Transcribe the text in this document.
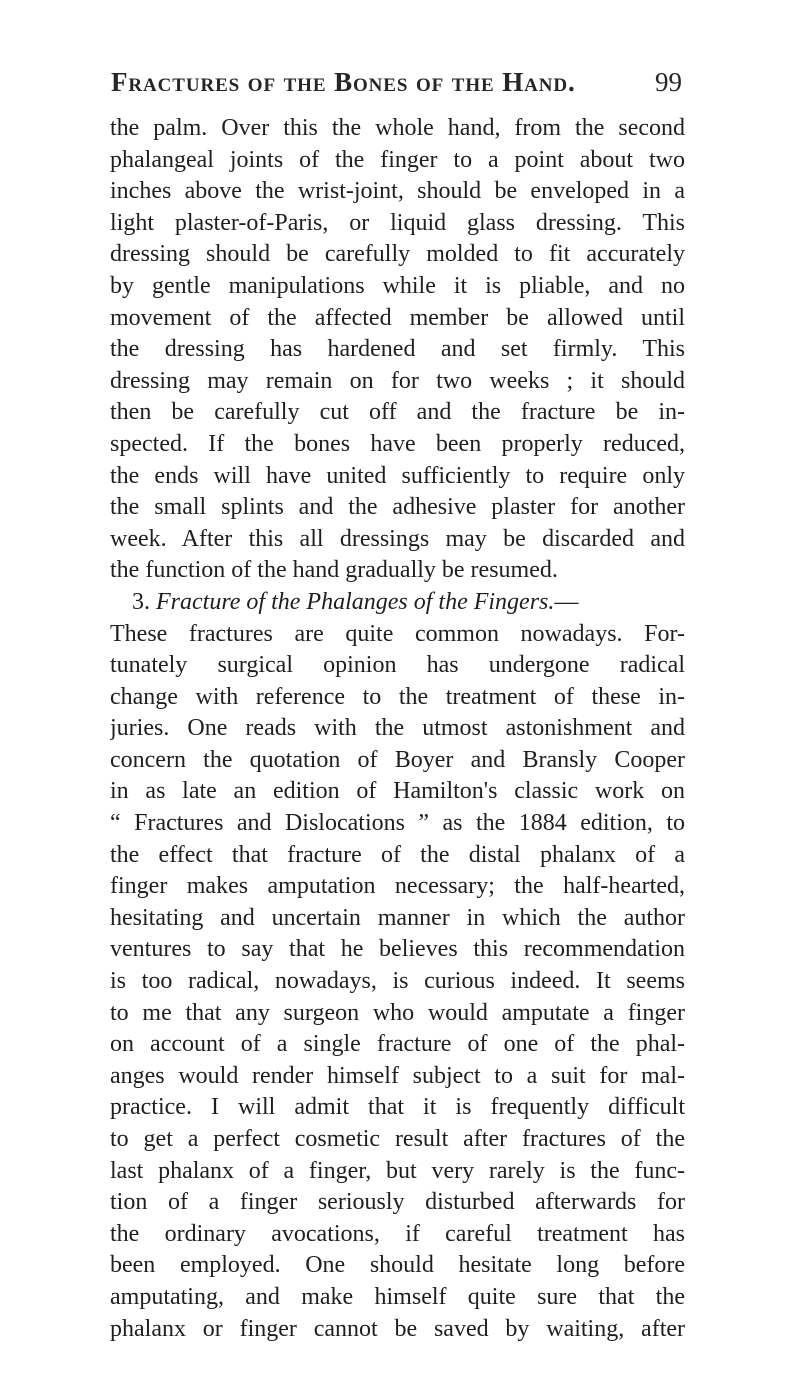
Fractures of the Bones of the Hand.	99
the palm. Over this the whole hand, from the second
phalangeal joints of the finger to a point about two
inches above the wrist-joint, should be enveloped in a
light plaster-of-Paris, or liquid glass dressing. This
dressing should be carefully molded to fit accurately
by gentle manipulations while it is pliable, and no
movement of the affected member be allowed until
the dressing has hardened and set firmly. This
dressing may remain on for two weeks ; it should
then be carefully cut off and the fracture be in-
spected. If the bones have been properly reduced,
the ends will have united sufficiently to require only
the small splints and the adhesive plaster for another
week. After this all dressings may be discarded and
the function of the hand gradually be resumed.
3. Fracture of the Phalanges of the Fingers.—
These fractures are quite common nowadays. For-
tunately surgical opinion has undergone radical
change with reference to the treatment of these in-
juries. One reads with the utmost astonishment and
concern the quotation of Boyer and Bransly Cooper
in as late an edition of Hamilton's classic work on
“ Fractures and Dislocations ” as the 1884 edition, to
the effect that fracture of the distal phalanx of a
finger makes amputation necessary; the half-hearted,
hesitating and uncertain manner in which the author
ventures to say that he believes this recommendation
is too radical, nowadays, is curious indeed. It seems
to me that any surgeon who would amputate a finger
on account of a single fracture of one of the phal-
anges would render himself subject to a suit for mal-
practice. I will admit that it is frequently difficult
to get a perfect cosmetic result after fractures of the
last phalanx of a finger, but very rarely is the func-
tion of a finger seriously disturbed afterwards for
the ordinary avocations, if careful treatment has
been employed. One should hesitate long before
amputating, and make himself quite sure that the
phalanx or finger cannot be saved by waiting, after
